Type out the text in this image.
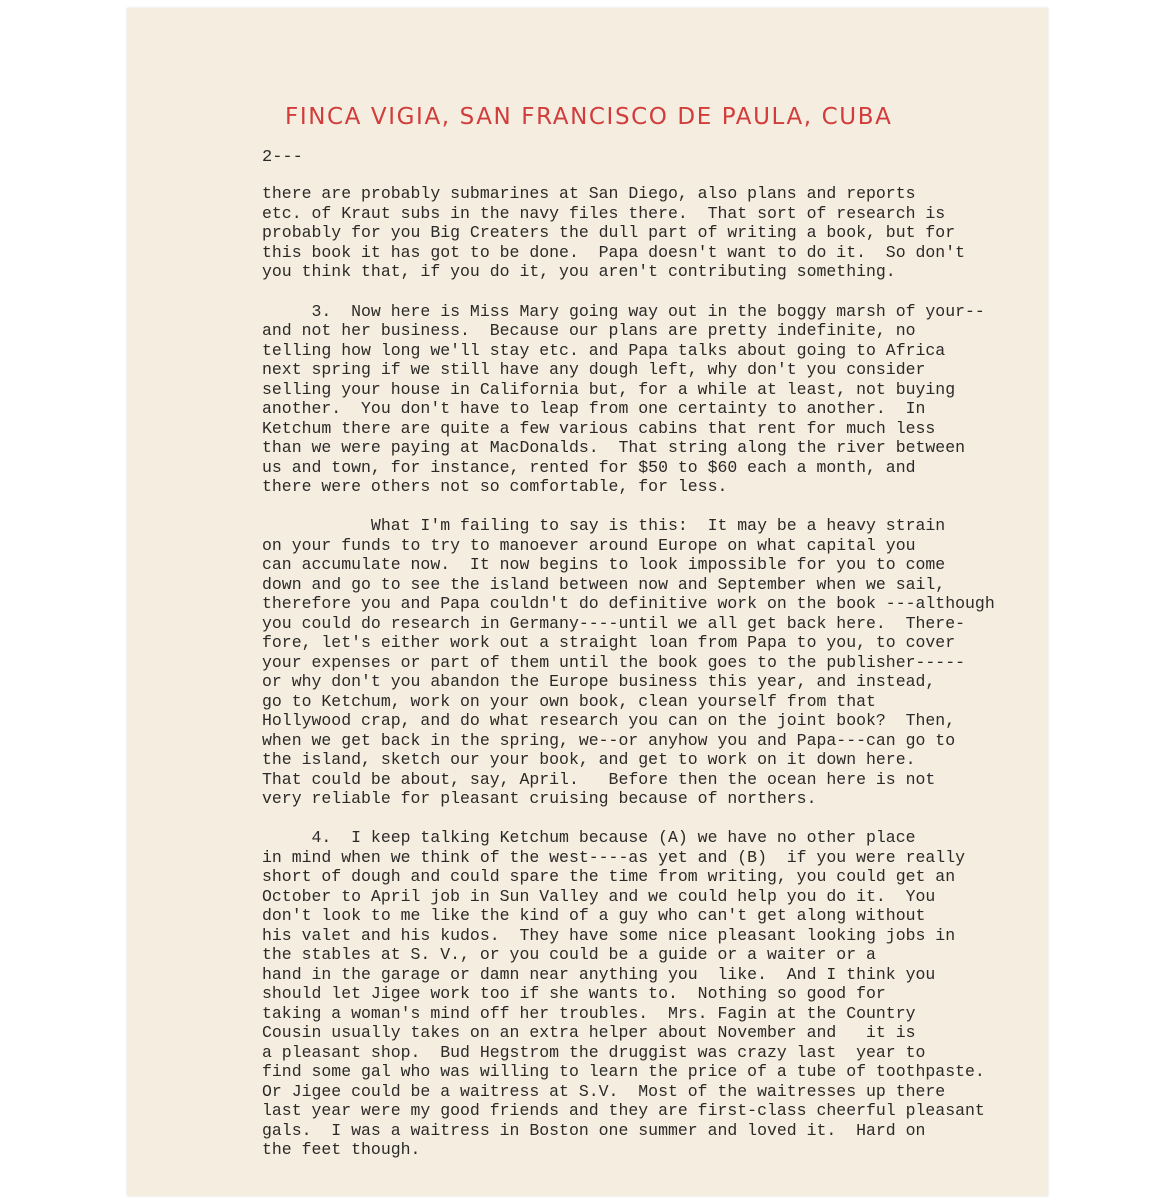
FINCA VIGIA, SAN FRANCISCO DE PAULA, CUBA
2---
there are probably submarines at San Diego, also plans and reports
etc. of Kraut subs in the navy files there.  That sort of research is
probably for you Big Creaters the dull part of writing a book, but for
this book it has got to be done.  Papa doesn't want to do it.  So don't
you think that, if you do it, you aren't contributing something.
3.  Now here is Miss Mary going way out in the boggy marsh of your--
and not her business.  Because our plans are pretty indefinite, no
telling how long we'll stay etc. and Papa talks about going to Africa
next spring if we still have any dough left, why don't you consider
selling your house in California but, for a while at least, not buying
another.  You don't have to leap from one certainty to another.  In
Ketchum there are quite a few various cabins that rent for much less
than we were paying at MacDonalds.  That string along the river between
us and town, for instance, rented for $50 to $60 each a month, and
there were others not so comfortable, for less.
What I'm failing to say is this:  It may be a heavy strain
on your funds to try to manoever around Europe on what capital you
can accumulate now.  It now begins to look impossible for you to come
down and go to see the island between now and September when we sail,
therefore you and Papa couldn't do definitive work on the book ---although
you could do research in Germany----until we all get back here.  There-
fore, let's either work out a straight loan from Papa to you, to cover
your expenses or part of them until the book goes to the publisher-----
or why don't you abandon the Europe business this year, and instead,
go to Ketchum, work on your own book, clean yourself from that
Hollywood crap, and do what research you can on the joint book?  Then,
when we get back in the spring, we--or anyhow you and Papa---can go to
the island, sketch our your book, and get to work on it down here.
That could be about, say, April.   Before then the ocean here is not
very reliable for pleasant cruising because of northers.
4.  I keep talking Ketchum because (A) we have no other place
in mind when we think of the west----as yet and (B)  if you were really
short of dough and could spare the time from writing, you could get an
October to April job in Sun Valley and we could help you do it.  You
don't look to me like the kind of a guy who can't get along without
his valet and his kudos.  They have some nice pleasant looking jobs in
the stables at S. V., or you could be a guide or a waiter or a
hand in the garage or damn near anything you  like.  And I think you
should let Jigee work too if she wants to.  Nothing so good for
taking a woman's mind off her troubles.  Mrs. Fagin at the Country
Cousin usually takes on an extra helper about November and   it is
a pleasant shop.  Bud Hegstrom the druggist was crazy last  year to
find some gal who was willing to learn the price of a tube of toothpaste.
Or Jigee could be a waitress at S.V.  Most of the waitresses up there
last year were my good friends and they are first-class cheerful pleasant
gals.  I was a waitress in Boston one summer and loved it.  Hard on
the feet though.
